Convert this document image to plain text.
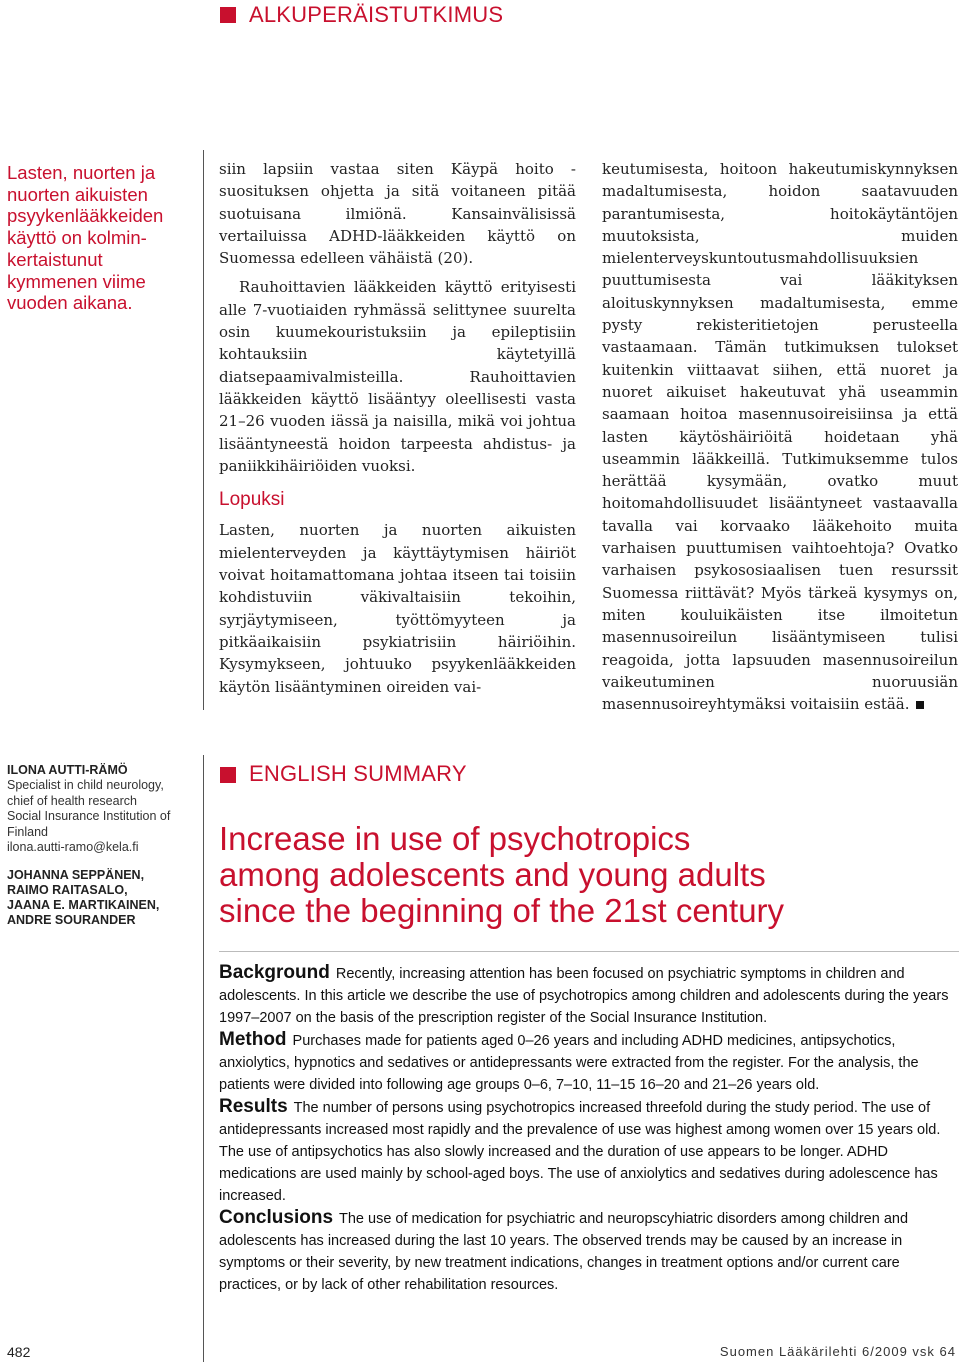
ALKUPERÄISTUTKIMUS
Lasten, nuorten ja nuorten aikuisten psyykenlääkkeiden käyttö on kolmin-kertaistunut kymmenen viime vuoden aikana.

siin lapsiin vastaa siten Käypä hoito -suosituksen ohjetta ja sitä voitaneen pitää suotuisana ilmiönä. Kansainvälisissä vertailuissa ADHD-lääkkeiden käyttö on Suomessa edelleen vähäistä (20).

Rauhoittavien lääkkeiden käyttö erityisesti alle 7-vuotiaiden ryhmässä selittynee suurelta osin kuumekouristuksiin ja epileptisiin kohtauksiin käytetyillä diatsepaamivalmisteilla. Rauhoittavien lääkkeiden käyttö lisääntyy oleellisesti vasta 21–26 vuoden iässä ja naisilla, mikä voi johtua lisääntyneestä hoidon tarpeesta ahdistus- ja paniikkihäiriöiden vuoksi.

Lopuksi

Lasten, nuorten ja nuorten aikuisten mielenterveyden ja käyttäytymisen häiriöt voivat hoitamattomana johtaa itseen tai toisiin kohdistuviin väkivaltaisiin tekoihin, syrjäytymiseen, työttömyyteen ja pitkäaikaisiin psykiatrisiin häiriöihin. Kysymykseen, johtuuko psyykenlääkkeiden käytön lisääntyminen oireiden vai-

keutumisesta, hoitoon hakeutumiskynnyksen madaltumisesta, hoidon saatavuuden parantumisesta, hoitokäytäntöjen muutoksista, muiden mielenterveyskuntoutusmahdollisuuksien puuttumisesta vai lääkityksen aloituskynnyksen madaltumisesta, emme pysty rekisteritietojen perusteella vastaamaan. Tämän tutkimuksen tulokset kuitenkin viittaavat siihen, että nuoret ja nuoret aikuiset hakeutuvat yhä useammin saamaan hoitoa masennusoireisiinsa ja että lasten käytöshäiriöitä hoidetaan yhä useammin lääkkeillä. Tutkimuksemme tulos herättää kysymään, ovatko muut hoitomahdollisuudet lisääntyneet vastaavalla tavalla vai korvaako lääkehoito muita varhaisen puuttumisen vaihtoehtoja? Ovatko varhaisen psykososiaalisen tuen resurssit Suomessa riittävät? Myös tärkeä kysymys on, miten kouluikäisten itse ilmoitetun masennusoireilun lisääntymiseen tulisi reagoida, jotta lapsuuden masennusoireilun vaikeutuminen nuoruusiän masennusoireyhtymäksi voitaisiin estää.

ILONA AUTTI-RÄMÖ
Specialist in child neurology,
chief of health research
Social Insurance Institution of
Finland
ilona.autti-ramo@kela.fi
JOHANNA SEPPÄNEN,
RAIMO RAITASALO,
JAANA E. MARTIKAINEN,
ANDRE SOURANDER
ENGLISH SUMMARY
Increase in use of psychotropics
among adolescents and young adults
since the beginning of the 21st century

Background Recently, increasing attention has been focused on psychiatric symptoms in children and adolescents. In this article we describe the use of psychotropics among children and adolescents during the years 1997–2007 on the basis of the prescription register of the Social Insurance Institution.

Method Purchases made for patients aged 0–26 years and including ADHD medicines, antipsychotics, anxiolytics, hypnotics and sedatives or antidepressants were extracted from the register. For the analysis, the patients were divided into following age groups 0–6, 7–10, 11–15 16–20 and 21–26 years old.

Results The number of persons using psychotropics increased threefold during the study period. The use of antidepressants increased most rapidly and the prevalence of use was highest among women over 15 years old. The use of antipsychotics has also slowly increased and the duration of use appears to be longer. ADHD medications are used mainly by school-aged boys. The use of anxiolytics and sedatives during adolescence has increased.

Conclusions The use of medication for psychiatric and neuropscyhiatric disorders among children and adolescents has increased during the last 10 years. The observed trends may be caused by an increase in symptoms or their severity, by new treatment indications, changes in treatment options and/or current care practices, or by lack of other rehabilitation resources.

482	Suomen Lääkärilehti 6/2009 vsk 64
